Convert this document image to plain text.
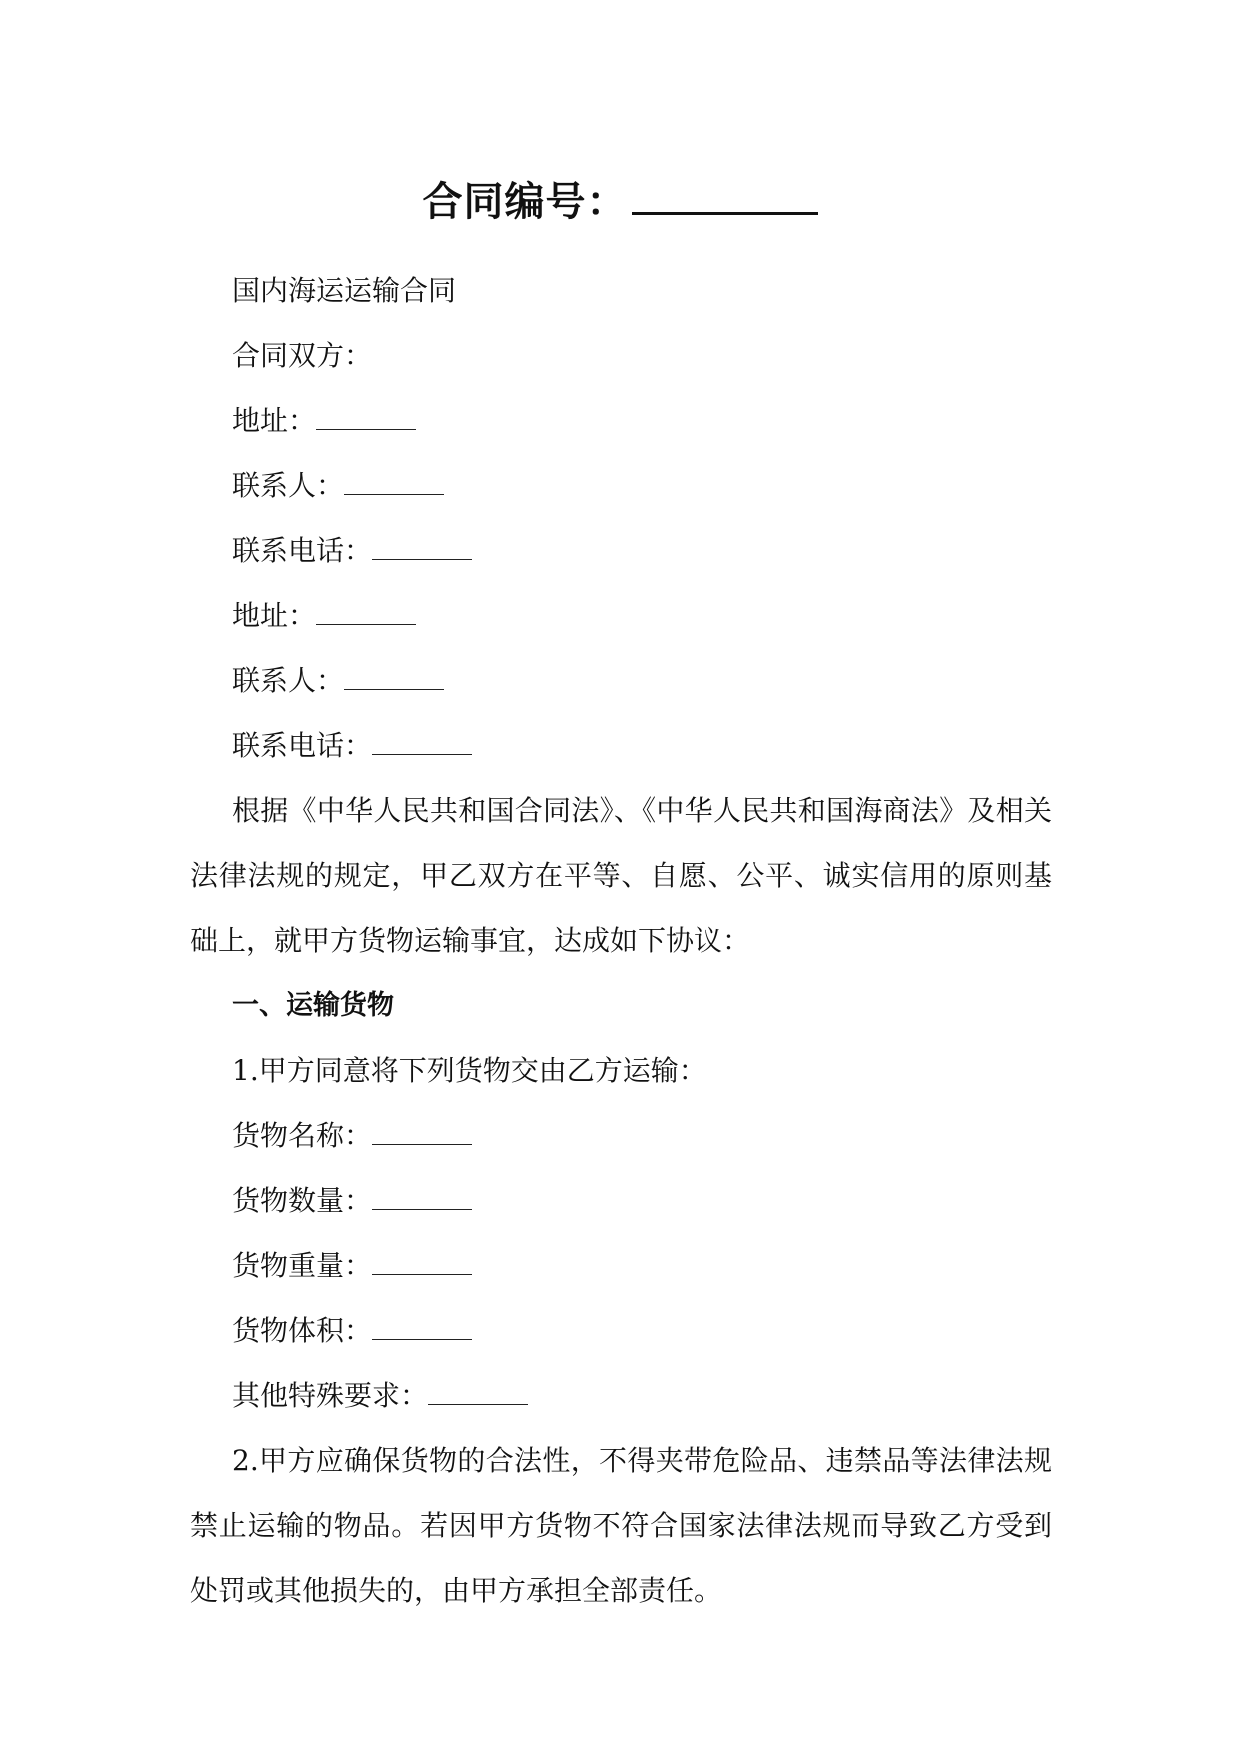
合同编号：
国内海运运输合同
合同双方：
地址：
联系人：
联系电话：
地址：
联系人：
联系电话：

根据《中华人民共和国合同法》、《中华人民共和国海商法》及相关法律法规的规定，甲乙双方在平等、自愿、公平、诚实信用的原则基础上，就甲方货物运输事宜，达成如下协议：

一、运输货物
1.甲方同意将下列货物交由乙方运输：
货物名称：
货物数量：
货物重量：
货物体积：
其他特殊要求：

2.甲方应确保货物的合法性，不得夹带危险品、违禁品等法律法规禁止运输的物品。若因甲方货物不符合国家法律法规而导致乙方受到处罚或其他损失的，由甲方承担全部责任。
